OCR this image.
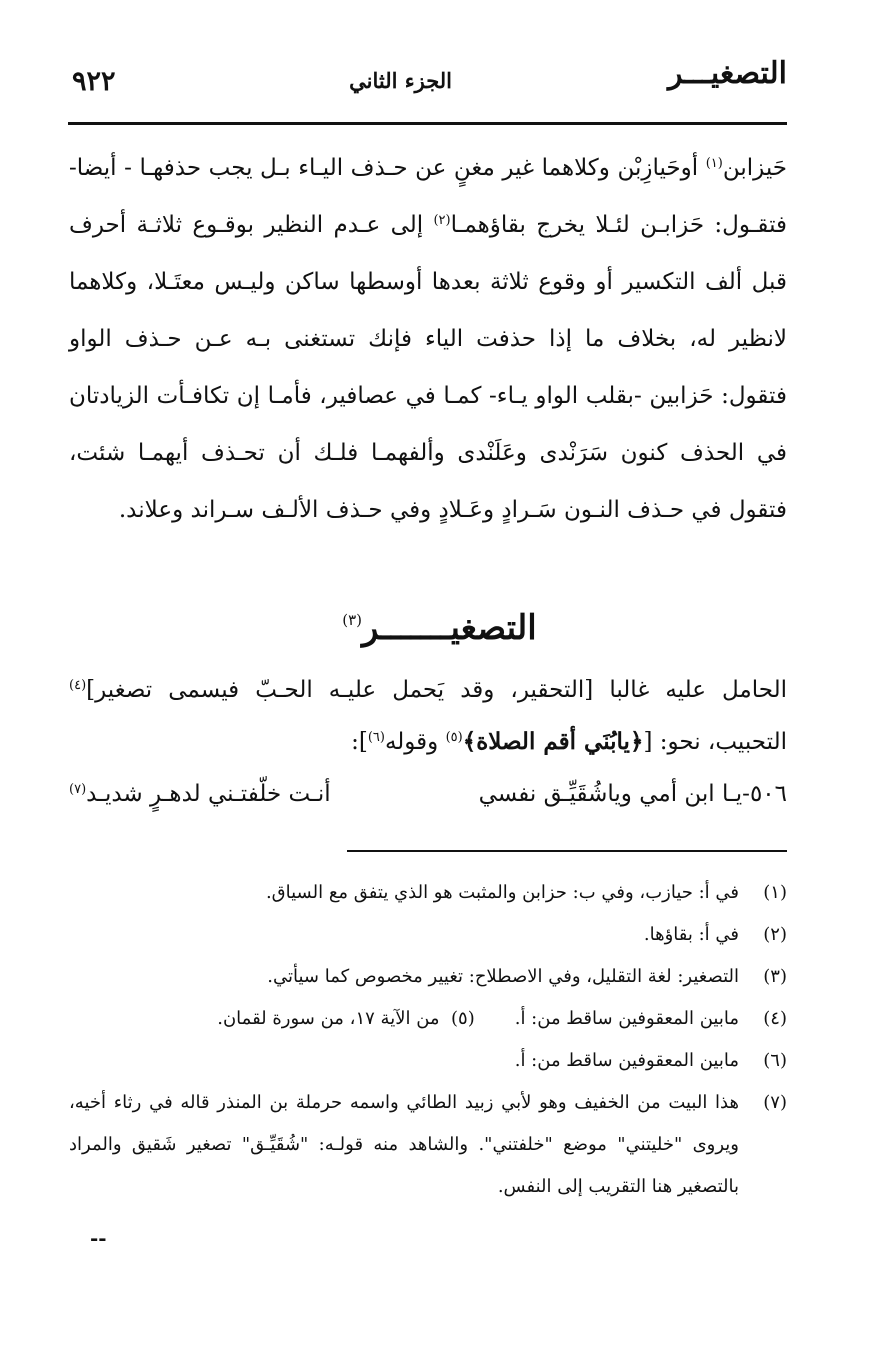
التصغيـــر
الجزء الثاني
٩٢٢

حَيزابن$^{(١)}$ أوحَيازِبْن وكلاهما غير مغنٍ عن حـذف اليـاء بـل يجب حذفهـا - أيضا- فتقـول: حَزابـن لئـلا يخرج بقاؤهمـا$^{(٢)}$ إلى عـدم النظير بوقـوع ثلاثـة أحرف قبل ألف التكسير أو وقوع ثلاثة بعدها أوسطها ساكن وليـس معتَـلا، وكلاهما لانظير له، بخلاف ما إذا حذفت الياء فإنك تستغنى بـه عـن حـذف الواو فتقول: حَزابين -بقلب الواو يـاء- كمـا في عصافير، فأمـا إن تكافـأت الزيادتان في الحذف كنون سَرَنْدى وعَلَنْدى وألفهمـا فلـك أن تحـذف أيهمـا شئت، فتقول في حـذف النـون سَـرادٍ وعَـلادٍ وفي حـذف الألـف سـراند وعلاند.

التصغيـــــــر$^{(٣)}$

الحامل عليه غالبا [التحقير، وقد يَحمل عليـه الحـبّ فيسمى تصغير]$^{(٤)}$ التحبيب، نحو: [﴿يابُنَي أقم الصلاة﴾$^{(٥)}$ وقوله$^{(٦)}$]:

٥٠٦-يـا ابن أمي وياشُقَيِّـق نفسي
أنـت خلّفتـني لدهـرٍ شديـد$^{(٧)}$
(١)
في أ: حيازب، وفي ب: حزابن والمثبت هو الذي يتفق مع السياق.
(٢)
في أ: بقاؤها.
(٣)
التصغير: لغة التقليل، وفي الاصطلاح: تغيير مخصوص كما سيأتي.
(٤)
مابين المعقوفين ساقط من: أ.(٥)  من الآية ١٧، من سورة لقمان.
(٦)
مابين المعقوفين ساقط من: أ.
(٧)
هذا البيت من الخفيف وهو لأبي زبيد الطائي واسمه حرملة بن المنذر قاله في رثاء أخيه، ويروى "خليتني" موضع "خلفتني". والشاهد منه قولـه: "شُقَيِّـق" تصغير شَقيق والمراد بالتصغير هنا التقريب إلى النفس.
--
